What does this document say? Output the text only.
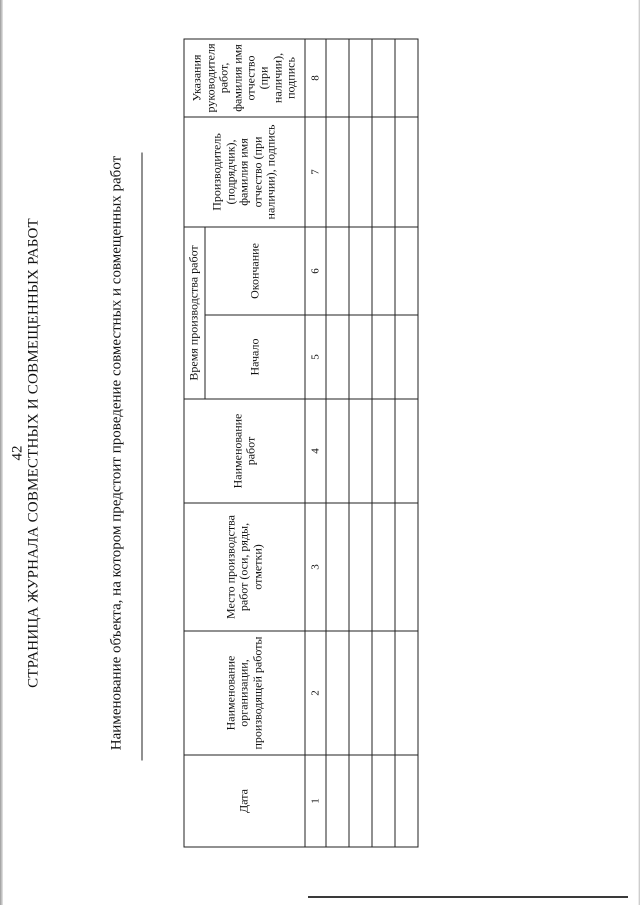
42 СТРАНИЦА ЖУРНАЛА СОВМЕСТНЫХ И СОВМЕЩЕННЫХ РАБОТ	Наименование объекта, на котором предстоит проведение совместных и совмещенных работ
Дата	Наименование организации, производящей работы	Место производства работ (оси, ряды, отметки)	Наименование работ	Время производства работ		Производитель (подрядчик), фамилия имя отчество (при наличии), подпись	Указания руководителя работ, фамилия имя отчество (при наличии), подпись
				Начало	Окончание		
1	2	3	4	5	6	7	8
